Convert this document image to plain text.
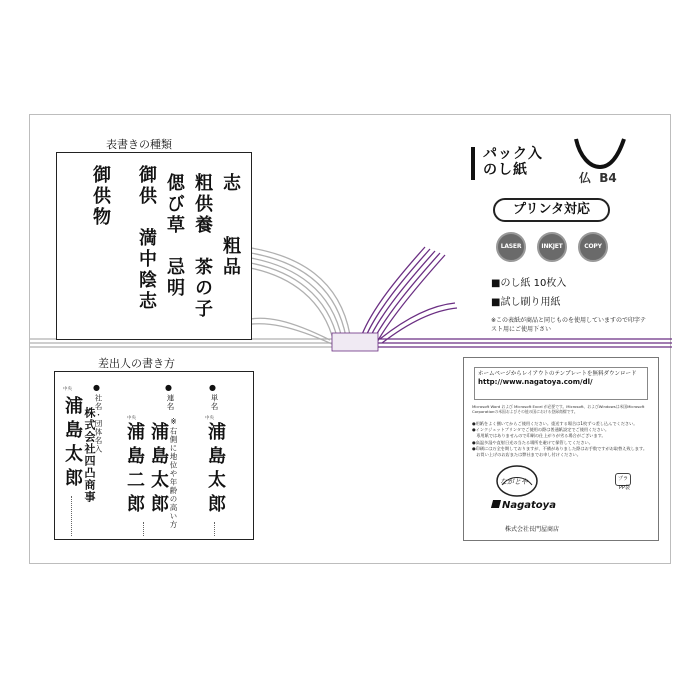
志　　粗品
粗供養　茶の子
偲び草　忌明
御供　満中陰志
御供物
表書きの種類
●
単名
中央
浦島太郎
●
連名
※右側に地位や年齢の高い方
中央
浦島太郎
浦島二郎
●
社名・団体名入
中央
株式会社四凸商事
浦島太郎
差出人の書き方
パック入
のし紙	仏 B4
プリンタ対応
LASER	INKJET	COPY
■のし紙 10枚入
■試し刷り用紙
※この表紙が商品と同じものを使用していますので印字テスト用にご使用下さい
ホームページからレイアウトのテンプレートを無料ダウンロード
http://www.nagatoya.com/dl/
Microsoft Word および Microsoft Excel が必要です。Microsoft、およびWindowsは米国Microsoft Corporationの米国およびその他の国における登録商標です。
●用紙をよく捌いてからご使用ください。重送する場合は1枚ずつ差し込んでください。
●インクジェットプリンタでご使用の際は普通紙設定でご使用ください。
　専用紙ではありませんので印刷の仕上がりが劣る場合がございます。
●高温多湿や直射日光の当たる場所を避けて保管してください。
●印刷には万全を期しておりますが、不備がありました際はお手数ですがお取替え致します。
　お買い上げのお店または弊社までお申し付けください。
ながとや
Nagatoya
株式会社長門屋商店
プラ
PP袋
